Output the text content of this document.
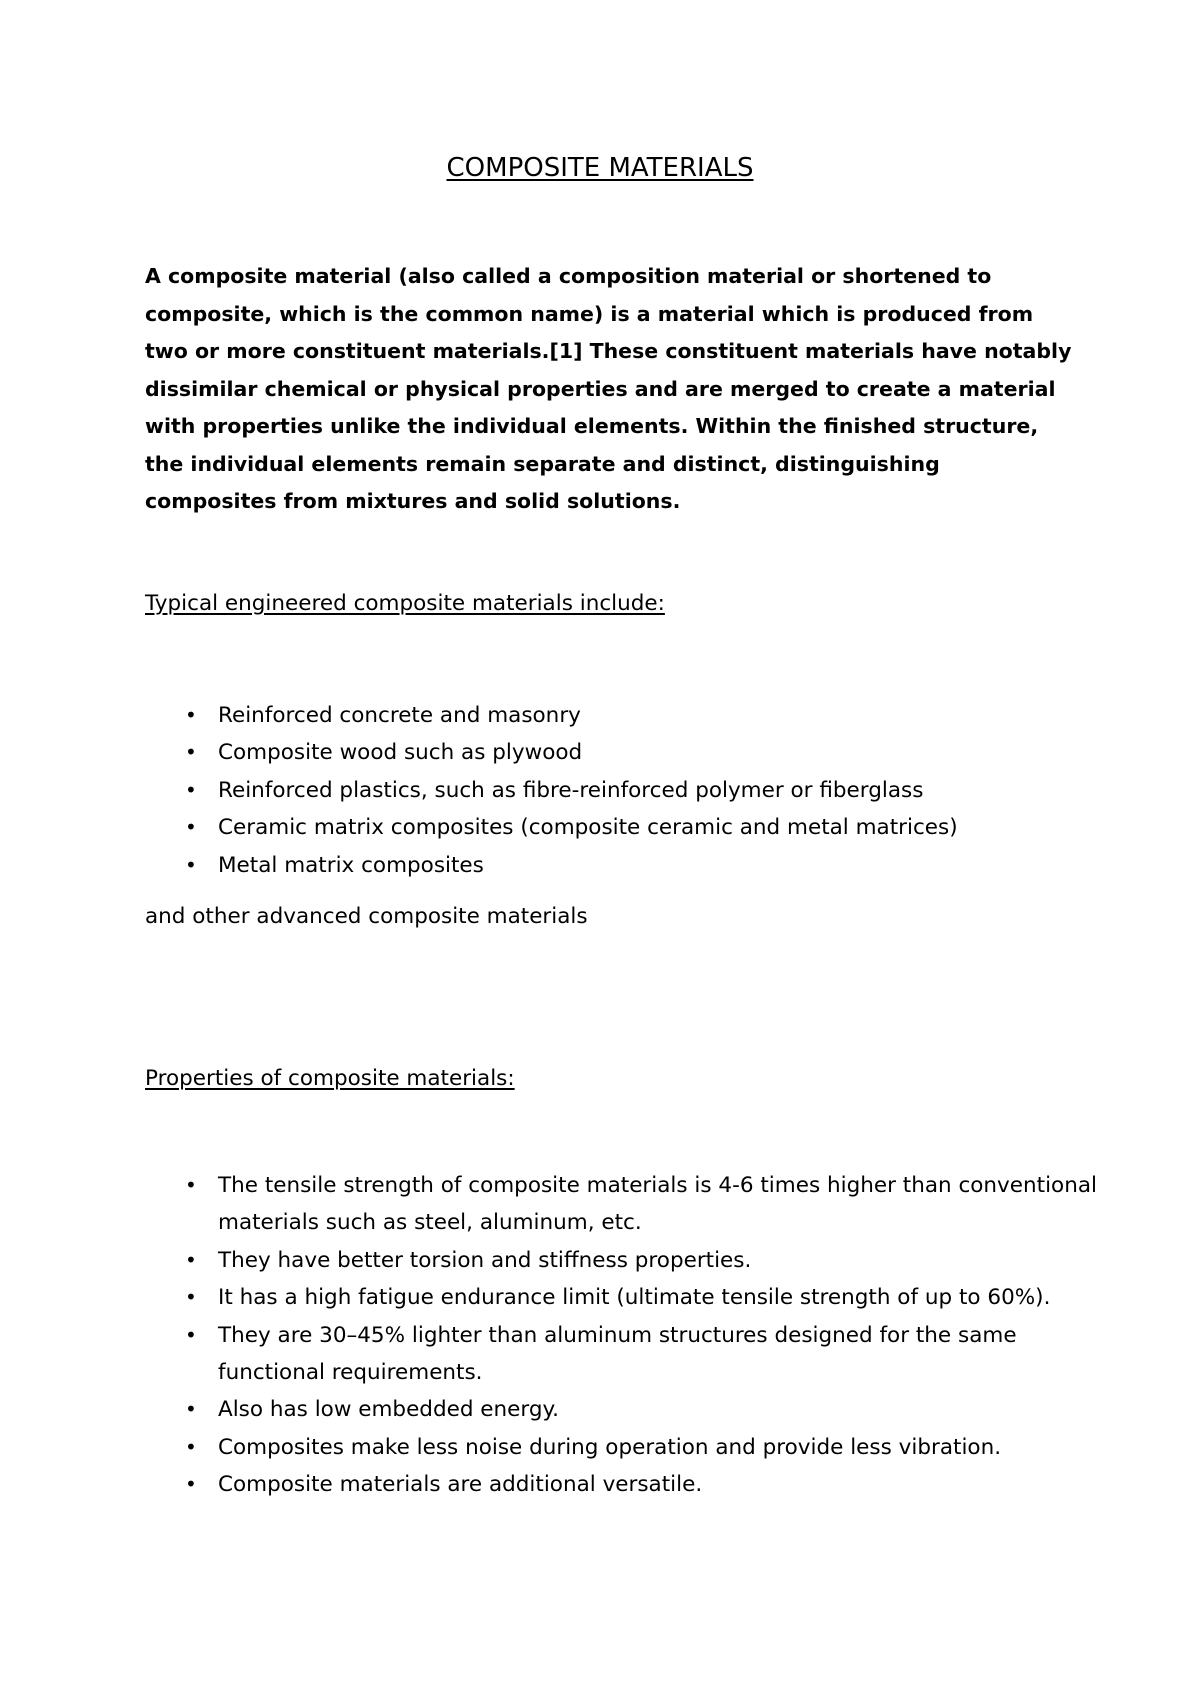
COMPOSITE MATERIALS

A composite material (also called a composition material or shortened to composite, which is the common name) is a material which is produced from two or more constituent materials.[1] These constituent materials have notably dissimilar chemical or physical properties and are merged to create a material with properties unlike the individual elements. Within the finished structure, the individual elements remain separate and distinct, distinguishing composites from mixtures and solid solutions.

Typical engineered composite materials include:
• Reinforced concrete and masonry
• Composite wood such as plywood
• Reinforced plastics, such as fibre-reinforced polymer or fiberglass
• Ceramic matrix composites (composite ceramic and metal matrices)
• Metal matrix composites

and other advanced composite materials

Properties of composite materials:
• The tensile strength of composite materials is 4-6 times higher than conventional materials such as steel, aluminum, etc.
• They have better torsion and stiffness properties.
• It has a high fatigue endurance limit (ultimate tensile strength of up to 60%).
• They are 30–45% lighter than aluminum structures designed for the same functional requirements.
• Also has low embedded energy.
• Composites make less noise during operation and provide less vibration.
• Composite materials are additional versatile.
